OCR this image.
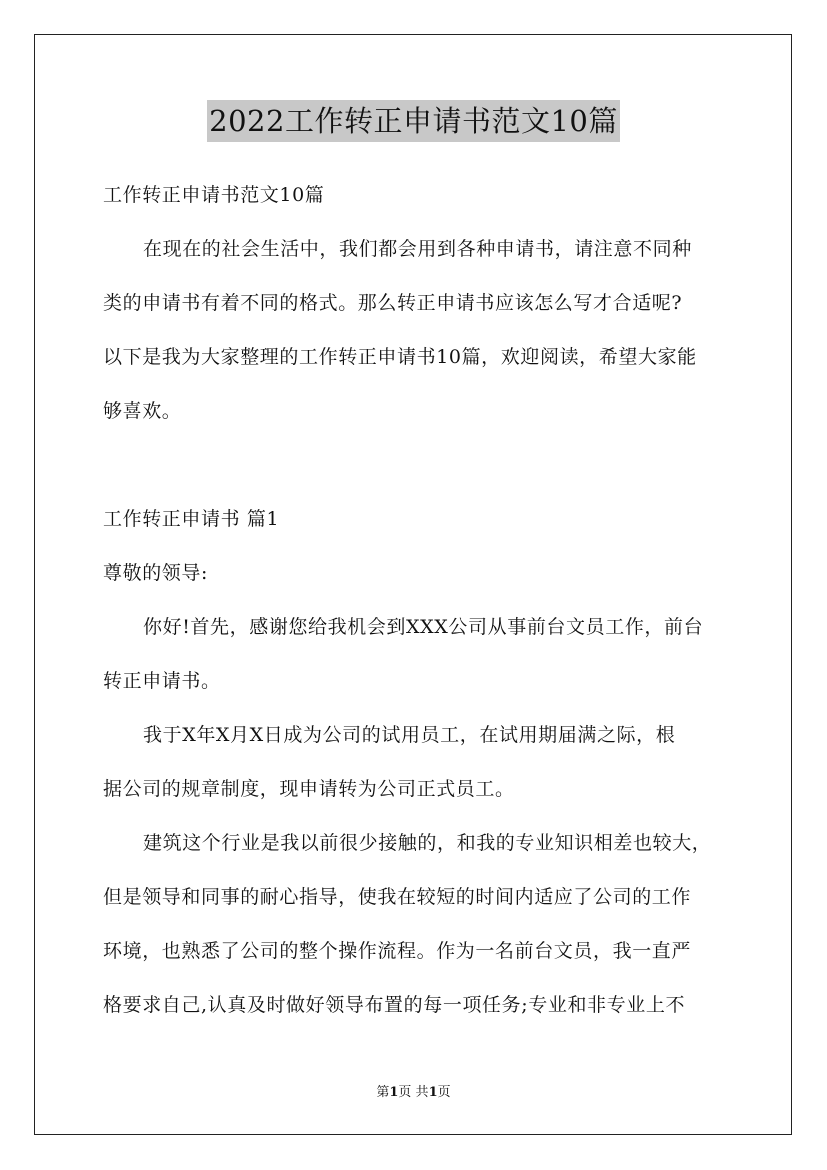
2022工作转正申请书范文10篇
工作转正申请书范文10篇
在现在的社会生活中，我们都会用到各种申请书，请注意不同种
类的申请书有着不同的格式。那么转正申请书应该怎么写才合适呢?
以下是我为大家整理的工作转正申请书10篇，欢迎阅读，希望大家能
够喜欢。
工作转正申请书 篇1
尊敬的领导:
你好!首先，感谢您给我机会到XXX公司从事前台文员工作，前台
转正申请书。
我于X年X月X日成为公司的试用员工，在试用期届满之际，根
据公司的规章制度，现申请转为公司正式员工。
建筑这个行业是我以前很少接触的，和我的专业知识相差也较大，
但是领导和同事的耐心指导，使我在较短的时间内适应了公司的工作
环境，也熟悉了公司的整个操作流程。作为一名前台文员，我一直严
格要求自己,认真及时做好领导布置的每一项任务;专业和非专业上不
第1页 共1页
